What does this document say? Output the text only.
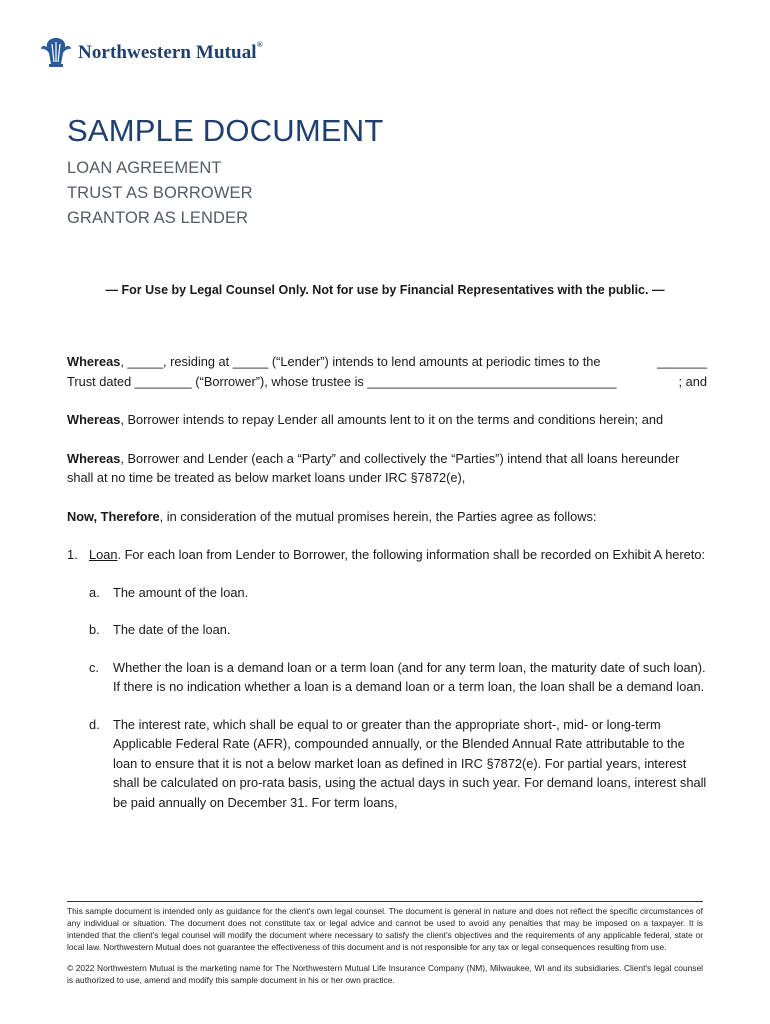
Northwestern Mutual®
SAMPLE DOCUMENT
LOAN AGREEMENT
TRUST AS BORROWER
GRANTOR AS LENDER
— For Use by Legal Counsel Only. Not for use by Financial Representatives with the public. —
Whereas, _____, residing at _____ (“Lender”) intends to lend amounts at periodic times to the	_______
Trust dated ________ (“Borrower”), whose trustee is ___________________________________	; and

Whereas, Borrower intends to repay Lender all amounts lent to it on the terms and conditions herein; and

Whereas, Borrower and Lender (each a “Party” and collectively the “Parties”) intend that all loans hereunder shall at no time be treated as below market loans under IRC §7872(e),

Now, Therefore, in consideration of the mutual promises herein, the Parties agree as follows:

1. Loan. For each loan from Lender to Borrower, the following information shall be recorded on Exhibit A hereto:
a.	The amount of the loan.
b.	The date of the loan.
c.	Whether the loan is a demand loan or a term loan (and for any term loan, the maturity date of such loan). If there is no indication whether a loan is a demand loan or a term loan, the loan shall be a demand loan.
d.	The interest rate, which shall be equal to or greater than the appropriate short-, mid- or long-term Applicable Federal Rate (AFR), compounded annually, or the Blended Annual Rate attributable to the loan to ensure that it is not a below market loan as defined in IRC §7872(e). For partial years, interest shall be calculated on pro-rata basis, using the actual days in such year. For demand loans, interest shall be paid annually on December 31. For term loans,

This sample document is intended only as guidance for the client's own legal counsel. The document is general in nature and does not reflect the specific circumstances of any individual or situation. The document does not constitute tax or legal advice and cannot be used to avoid any penalties that may be imposed on a taxpayer. It is intended that the client's legal counsel will modify the document where necessary to satisfy the client's objectives and the requirements of any applicable federal, state or local law. Northwestern Mutual does not guarantee the effectiveness of this document and is not responsible for any tax or legal consequences resulting from use.

© 2022 Northwestern Mutual is the marketing name for The Northwestern Mutual Life Insurance Company (NM), Milwaukee, WI and its subsidiaries. Client's legal counsel is authorized to use, amend and modify this sample document in his or her own practice.
